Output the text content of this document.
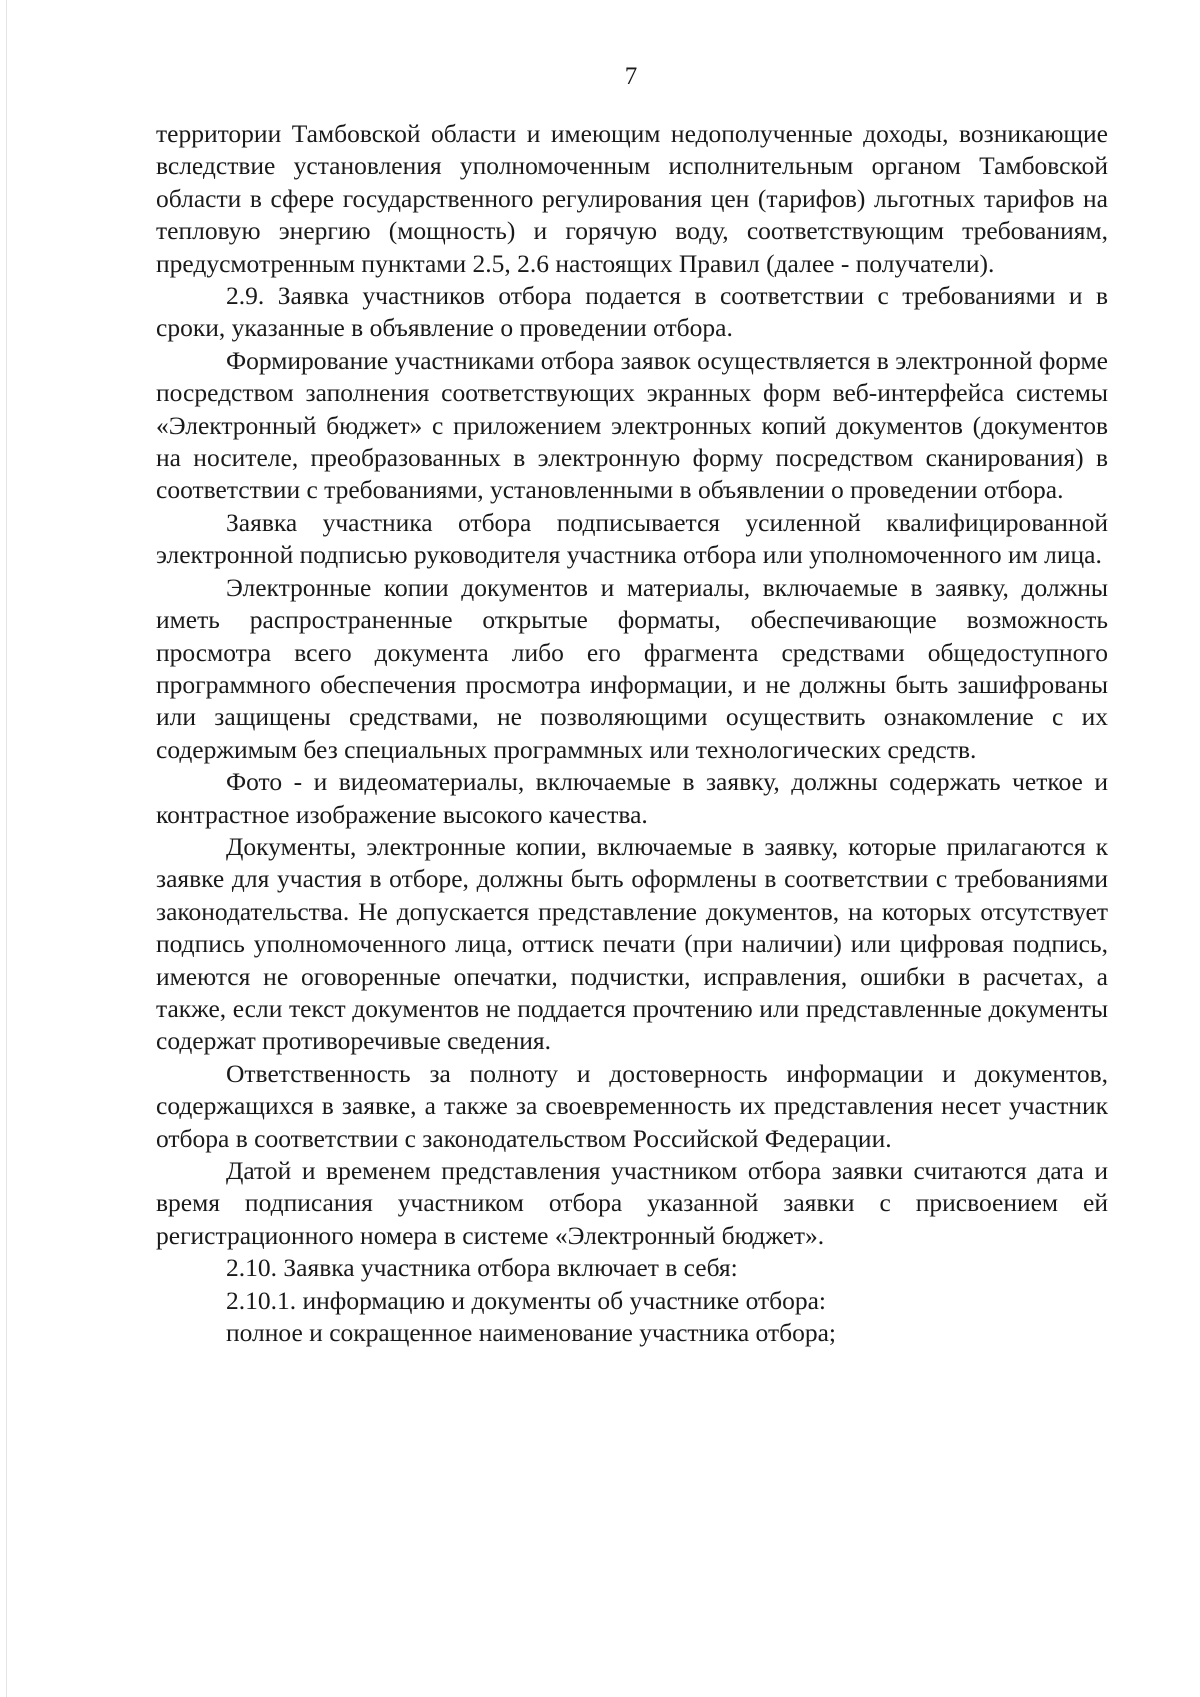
7

территории Тамбовской области и имеющим недополученные доходы, возникающие вследствие установления уполномоченным исполнительным органом Тамбовской области в сфере государственного регулирования цен (тарифов) льготных тарифов на тепловую энергию (мощность) и горячую воду, соответствующим требованиям, предусмотренным пунктами 2.5, 2.6 настоящих Правил (далее - получатели).

2.9. Заявка участников отбора подается в соответствии с требованиями и в сроки, указанные в объявление о проведении отбора.

Формирование участниками отбора заявок осуществляется в электронной форме посредством заполнения соответствующих экранных форм веб-интерфейса системы «Электронный бюджет» с приложением электронных копий документов (документов на носителе, преобразованных в электронную форму посредством сканирования) в соответствии с требованиями, установленными в объявлении о проведении отбора.

Заявка участника отбора подписывается усиленной квалифицированной электронной подписью руководителя участника отбора или уполномоченного им лица.

Электронные копии документов и материалы, включаемые в заявку, должны иметь распространенные открытые форматы, обеспечивающие возможность просмотра всего документа либо его фрагмента средствами общедоступного программного обеспечения просмотра информации, и не должны быть зашифрованы или защищены средствами, не позволяющими осуществить ознакомление с их содержимым без специальных программных или технологических средств.

Фото - и видеоматериалы, включаемые в заявку, должны содержать четкое и контрастное изображение высокого качества.

Документы, электронные копии, включаемые в заявку, которые прилагаются к заявке для участия в отборе, должны быть оформлены в соответствии с требованиями законодательства. Не допускается представление документов, на которых отсутствует подпись уполномоченного лица, оттиск печати (при наличии) или цифровая подпись, имеются не оговоренные опечатки, подчистки, исправления, ошибки в расчетах, а также, если текст документов не поддается прочтению или представленные документы содержат противоречивые сведения.

Ответственность за полноту и достоверность информации и документов, содержащихся в заявке, а также за своевременность их представления несет участник отбора в соответствии с законодательством Российской Федерации.

Датой и временем представления участником отбора заявки считаются дата и время подписания участником отбора указанной заявки с присвоением ей регистрационного номера в системе «Электронный бюджет».

2.10. Заявка участника отбора включает в себя:

2.10.1. информацию и документы об участнике отбора:

полное и сокращенное наименование участника отбора;
